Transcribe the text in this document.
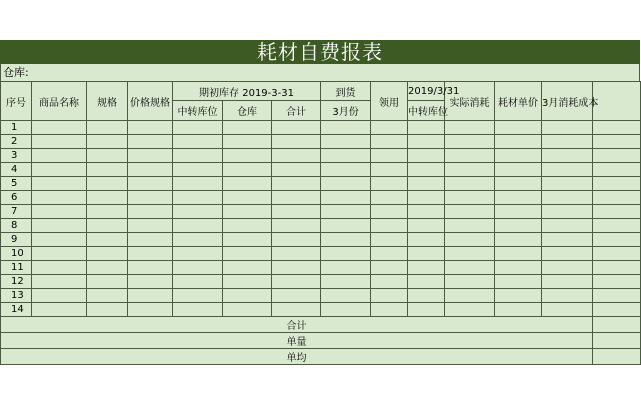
耗材自费报表
仓库:
序号	商品名称	规格	价格规格	期初库存 2019-3-31			到货	领用	2019/3/31	实际消耗	耗材单价	3月消耗成本	
				中转库位	仓库	合计	3月份		中转库位				
1													
2													
3													
4													
5													
6													
7													
8													
9													
10													
11													
12													
13													
14													
合计													
单量													
单均													
